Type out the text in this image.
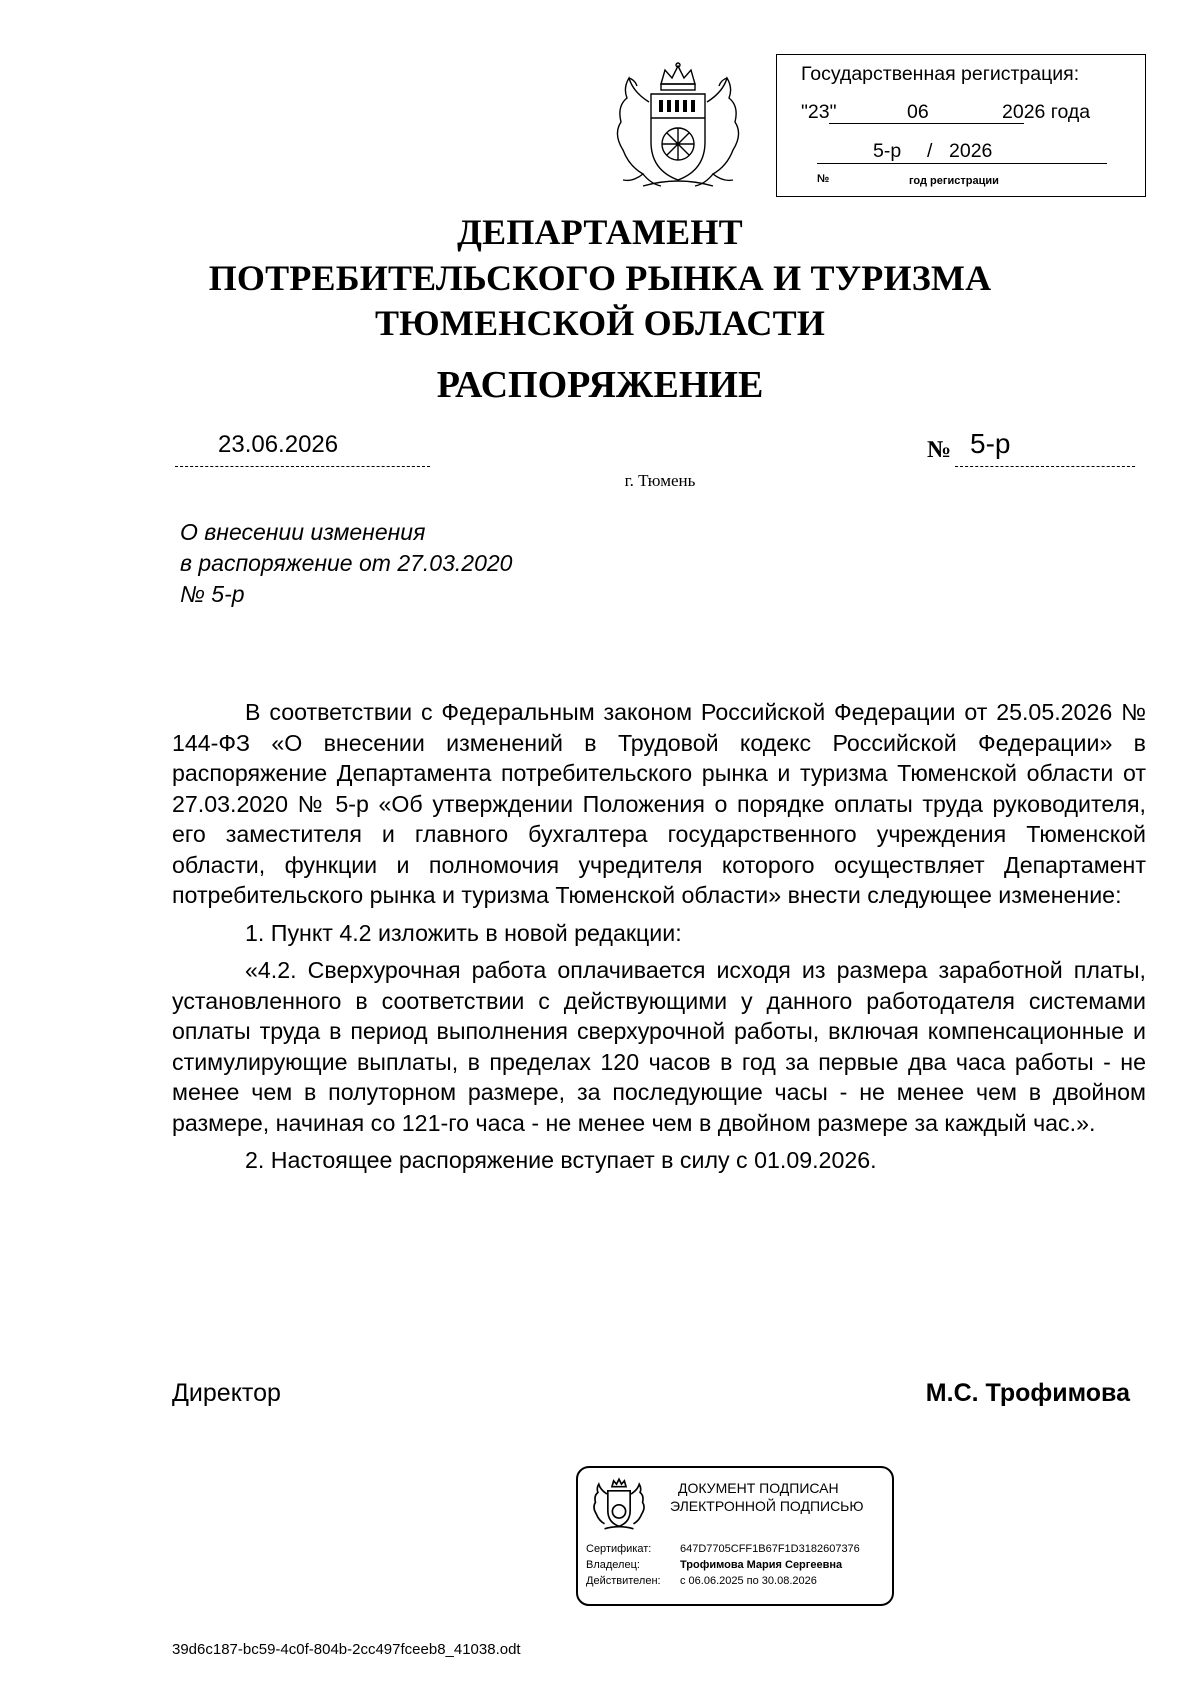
Государственная регистрация:
"23"	06	2026 года
5-р / 2026
№	год регистрации
ДЕПАРТАМЕНТ
ПОТРЕБИТЕЛЬСКОГО РЫНКА И ТУРИЗМА
ТЮМЕНСКОЙ ОБЛАСТИ
РАСПОРЯЖЕНИЕ
23.06.2026	№ 5-р
г. Тюмень
О внесении изменения
в распоряжение от 27.03.2020
№ 5-р

В соответствии с Федеральным законом Российской Федерации от 25.05.2026 № 144-ФЗ «О внесении изменений в Трудовой кодекс Российской Федерации» в распоряжение Департамента потребительского рынка и туризма Тюменской области от 27.03.2020 № 5-р «Об утверждении Положения о порядке оплаты труда руководителя, его заместителя и главного бухгалтера государственного учреждения Тюменской области, функции и полномочия учредителя которого осуществляет Департамент потребительского рынка и туризма Тюменской области» внести следующее изменение:

1. Пункт 4.2 изложить в новой редакции:

«4.2. Сверхурочная работа оплачивается исходя из размера заработной платы, установленного в соответствии с действующими у данного работодателя системами оплаты труда в период выполнения сверхурочной работы, включая компенсационные и стимулирующие выплаты, в пределах 120 часов в год за первые два часа работы - не менее чем в полуторном размере, за последующие часы - не менее чем в двойном размере, начиная со 121-го часа - не менее чем в двойном размере за каждый час.».

2. Настоящее распоряжение вступает в силу с 01.09.2026.

Директор	М.С. Трофимова
ДОКУМЕНТ ПОДПИСАН
ЭЛЕКТРОННОЙ ПОДПИСЬЮ
Сертификат:	647D7705CFF1B67F1D3182607376
Владелец:	Трофимова Мария Сергеевна
Действителен: с 06.06.2025 по 30.08.2026
39d6c187-bc59-4c0f-804b-2cc497fceeb8_41038.odt
